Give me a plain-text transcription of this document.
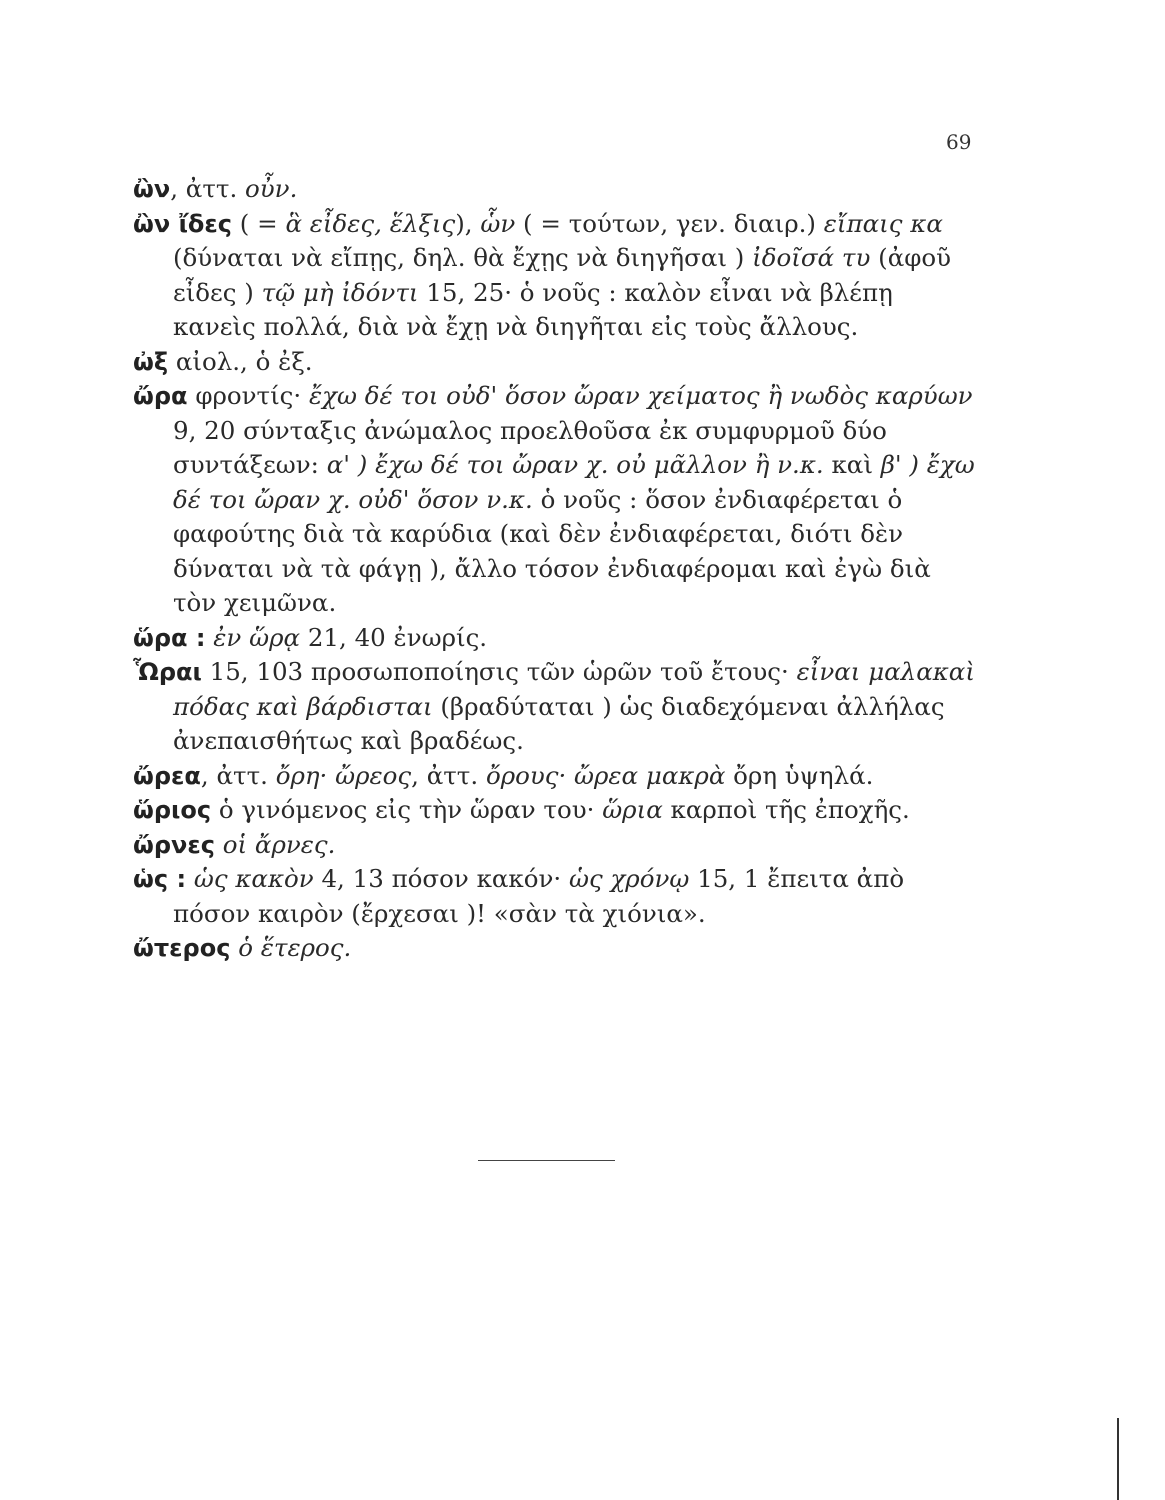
69

ὢν, ἀττ. οὖν.

ὢν ἴδες ( = ἃ εἶδες, ἕλξις), ὧν ( = τούτων, γεν. διαιρ.) εἴπαις κα (δύναται νὰ εἴπῃς, δηλ. θὰ ἔχῃς νὰ διηγῆσαι ) ἰδοῖσά τυ (ἀφοῦ εἶδες ) τῷ μὴ ἰδόντι 15, 25· ὁ νοῦς : καλὸν εἶναι νὰ βλέπῃ κανεὶς πολλά, διὰ νὰ ἔχῃ νὰ διηγῆται εἰς τοὺς ἄλλους.

ὠξ αἰολ., ὁ ἐξ.

ὤρα φροντίς· ἔχω δέ τοι οὐδ' ὅσον ὤραν χείματος ἢ νωδὸς καρύων 9, 20 σύνταξις ἀνώμαλος προελθοῦσα ἐκ συμφυρμοῦ δύο συντάξεων: α' ) ἔχω δέ τοι ὤραν χ. οὐ μᾶλλον ἢ ν.κ. καὶ β' ) ἔχω δέ τοι ὤραν χ. οὐδ' ὅσον ν.κ. ὁ νοῦς : ὅσον ἐνδιαφέρεται ὁ φαφούτης διὰ τὰ καρύδια (καὶ δὲν ἐνδιαφέρεται, διότι δὲν δύναται νὰ τὰ φάγῃ ), ἄλλο τόσον ἐνδιαφέρομαι καὶ ἐγὼ διὰ τὸν χειμῶνα.

ὥρα : ἐν ὥρᾳ 21, 40 ἐνωρίς.

Ὧραι 15, 103 προσωποποίησις τῶν ὡρῶν τοῦ ἔτους· εἶναι μαλακαὶ πόδας καὶ βάρδισται (βραδύταται ) ὡς διαδεχόμεναι ἀλλήλας ἀνεπαισθήτως καὶ βραδέως.

ὤρεα, ἀττ. ὄρη· ὤρεος, ἀττ. ὄρους· ὤρεα μακρὰ ὄρη ὑψηλά.

ὥριος ὁ γινόμενος εἰς τὴν ὥραν του· ὥρια καρποὶ τῆς ἐποχῆς.

ὤρνες οἱ ἄρνες.

ὡς : ὡς κακὸν 4, 13 πόσον κακόν· ὡς χρόνῳ 15, 1 ἔπειτα ἀπὸ πόσον καιρὸν (ἔρχεσαι )! «σὰν τὰ χιόνια».

ὤτερος ὁ ἕτερος.
